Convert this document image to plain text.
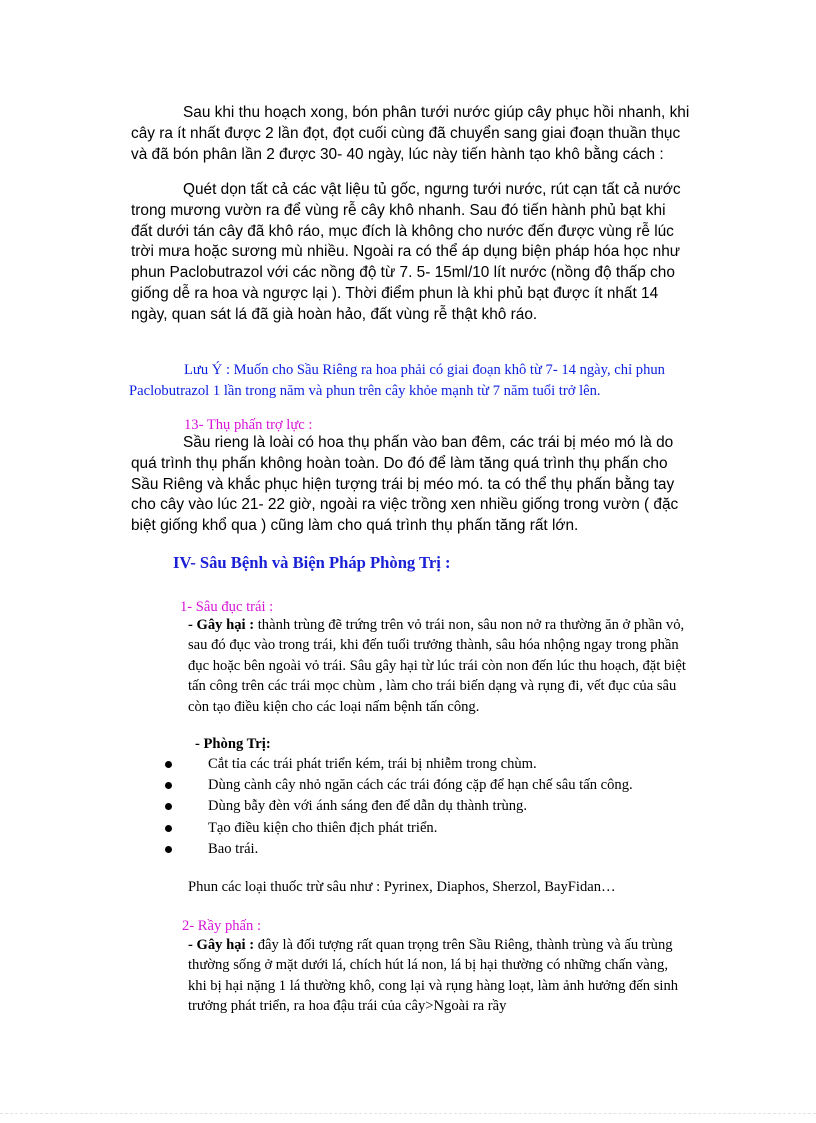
Sau khi thu hoạch xong, bón phân tưới nước giúp cây phục hồi nhanh, khi cây ra ít nhất được 2 lần đọt, đọt cuối cùng đã chuyển sang giai đoạn thuần thục và đã bón phân lần 2 được 30- 40 ngày, lúc này tiến hành tạo khô bằng cách :
Quét dọn tất cả các vật liệu tủ gốc, ngưng tưới nước, rút cạn tất cả nước trong mương vườn ra để vùng rễ cây khô nhanh. Sau đó tiến hành phủ bạt khi đất dưới tán cây đã khô ráo, mục đích là không cho nước đến được vùng rễ lúc trời mưa hoặc sương mù nhiều. Ngoài ra có thể áp dụng biện pháp hóa học như phun Paclobutrazol với các nồng độ từ 7. 5- 15ml/10 lít nước (nồng độ thấp cho giống dễ ra hoa và ngược lại ). Thời điểm phun là khi phủ bạt được ít nhất 14 ngày, quan sát lá đã già hoàn hảo, đất vùng rễ thật khô ráo.
Lưu Ý : Muốn cho Sầu Riêng ra hoa phải có giai đoạn khô từ 7- 14 ngày, chỉ phun Paclobutrazol 1 lần trong năm và phun trên cây khỏe mạnh từ 7 năm tuổi trở lên.
13- Thụ phấn trợ lực :
Sầu rieng là loài có hoa thụ phấn vào ban đêm, các trái bị méo mó là do quá trình thụ phấn không hoàn toàn. Do đó để làm tăng quá trình thụ phấn cho Sầu Riêng và khắc phục hiện tượng trái bị méo mó. ta có thể thụ phấn bằng tay cho cây vào lúc 21- 22 giờ, ngoài ra việc trồng xen nhiều giống trong vườn ( đặc biệt giống khổ qua ) cũng làm cho quá trình thụ phấn tăng rất lớn.
IV- Sâu Bệnh và Biện Pháp Phòng Trị :
1- Sâu đục trái :
- Gây hại : thành trùng đẽ trứng trên vỏ trái non, sâu non nở ra thường ăn ở phần vỏ, sau đó đục vào trong trái, khi đến tuổi trưởng thành, sâu hóa nhộng ngay trong phần đục hoặc bên ngoài vỏ trái. Sâu gây hại từ lúc trái còn non đến lúc thu hoạch, đặt biệt tấn công trên các trái mọc chùm , làm cho trái biến dạng và rụng đi, vết đục của sâu còn tạo điều kiện cho các loại nấm bệnh tấn công.
- Phòng Trị:
Cắt tỉa các trái phát triển kém, trái bị nhiễm trong chùm.
Dùng cành cây nhỏ ngăn cách các trái đóng cặp để hạn chế sâu tấn công.
Dùng bẫy đèn với ánh sáng đen để dẫn dụ thành trùng.
Tạo điều kiện cho thiên địch phát triển.
Bao trái.
Phun các loại thuốc trừ sâu như : Pyrinex, Diaphos, Sherzol, BayFidan…
2- Rầy phấn :
- Gây hại : đây là đối tượng rất quan trọng trên Sầu Riêng, thành trùng và ấu trùng thường sống ở mặt dưới lá, chích hút lá non, lá bị hại thường có những chấn vàng, khi bị hại nặng 1 lá thường khô, cong lại và rụng hàng loạt, làm ảnh hưởng đến sinh trưởng phát triển, ra hoa đậu trái của cây>Ngoài ra rầy
